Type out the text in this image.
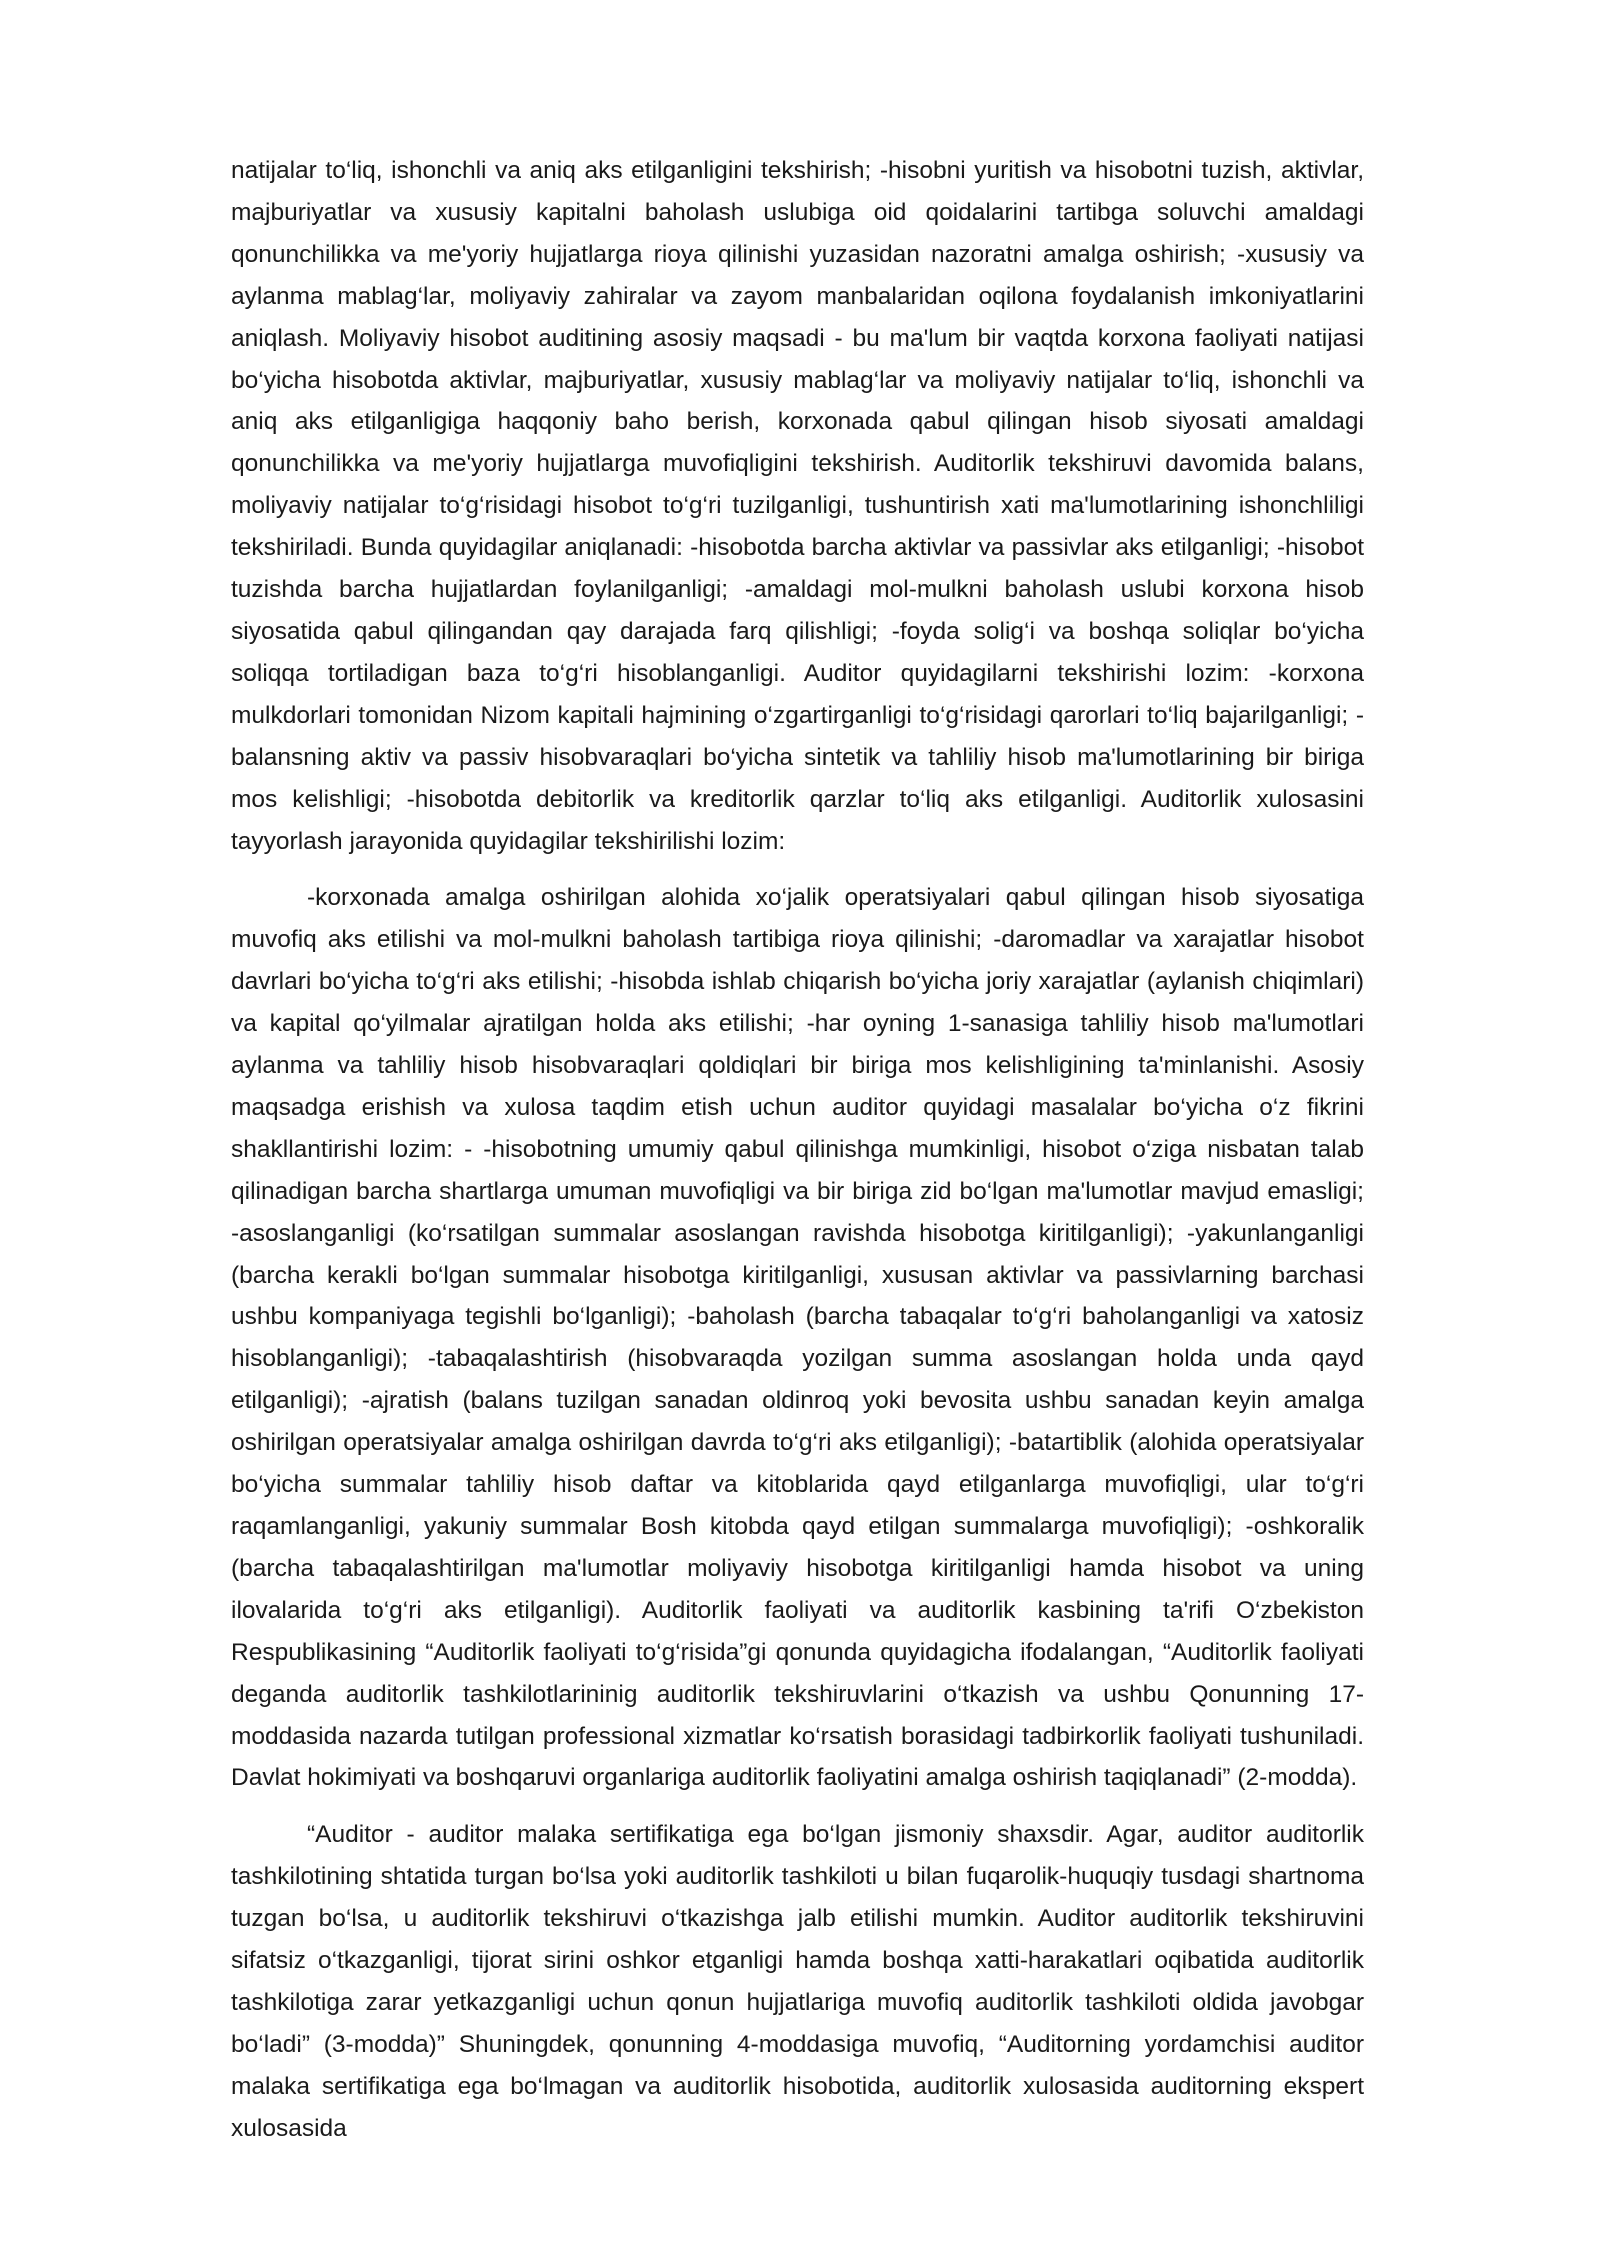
natijalar to‘liq, ishonchli va aniq aks etilganligini tekshirish; -hisobni yuritish va hisobotni tuzish, aktivlar, majburiyatlar va xususiy kapitalni baholash uslubiga oid qoidalarini tartibga soluvchi amaldagi qonunchilikka va me'yoriy hujjatlarga rioya qilinishi yuzasidan nazoratni amalga oshirish; -xususiy va aylanma mablag‘lar, moliyaviy zahiralar va zayom manbalaridan oqilona foydalanish imkoniyatlarini aniqlash. Moliyaviy hisobot auditining asosiy maqsadi - bu ma'lum bir vaqtda korxona faoliyati natijasi bo‘yicha hisobotda aktivlar, majburiyatlar, xususiy mablag‘lar va moliyaviy natijalar to‘liq, ishonchli va aniq aks etilganligiga haqqoniy baho berish, korxonada qabul qilingan hisob siyosati amaldagi qonunchilikka va me'yoriy hujjatlarga muvofiqligini tekshirish. Auditorlik tekshiruvi davomida balans, moliyaviy natijalar to‘g‘risidagi hisobot to‘g‘ri tuzilganligi, tushuntirish xati ma'lumotlarining ishonchliligi tekshiriladi. Bunda quyidagilar aniqlanadi: -hisobotda barcha aktivlar va passivlar aks etilganligi; -hisobot tuzishda barcha hujjatlardan foylanilganligi; -amaldagi mol-mulkni baholash uslubi korxona hisob siyosatida qabul qilingandan qay darajada farq qilishligi; -foyda solig‘i va boshqa soliqlar bo‘yicha soliqqa tortiladigan baza to‘g‘ri hisoblanganligi. Auditor quyidagilarni tekshirishi lozim: -korxona mulkdorlari tomonidan Nizom kapitali hajmining o‘zgartirganligi to‘g‘risidagi qarorlari to‘liq bajarilganligi; -balansning aktiv va passiv hisobvaraqlari bo‘yicha sintetik va tahliliy hisob ma'lumotlarining bir biriga mos kelishligi; -hisobotda debitorlik va kreditorlik qarzlar to‘liq aks etilganligi. Auditorlik xulosasini tayyorlash jarayonida quyidagilar tekshirilishi lozim:

-korxonada amalga oshirilgan alohida xo‘jalik operatsiyalari qabul qilingan hisob siyosatiga muvofiq aks etilishi va mol-mulkni baholash tartibiga rioya qilinishi; -daromadlar va xarajatlar hisobot davrlari bo‘yicha to‘g‘ri aks etilishi; -hisobda ishlab chiqarish bo‘yicha joriy xarajatlar (aylanish chiqimlari) va kapital qo‘yilmalar ajratilgan holda aks etilishi; -har oyning 1-sanasiga tahliliy hisob ma'lumotlari aylanma va tahliliy hisob hisobvaraqlari qoldiqlari bir biriga mos kelishligining ta'minlanishi. Asosiy maqsadga erishish va xulosa taqdim etish uchun auditor quyidagi masalalar bo‘yicha o‘z fikrini shakllantirishi lozim: - -hisobotning umumiy qabul qilinishga mumkinligi, hisobot o‘ziga nisbatan talab qilinadigan barcha shartlarga umuman muvofiqligi va bir biriga zid bo‘lgan ma'lumotlar mavjud emasligi; -asoslanganligi (ko‘rsatilgan summalar asoslangan ravishda hisobotga kiritilganligi); -yakunlanganligi (barcha kerakli bo‘lgan summalar hisobotga kiritilganligi, xususan aktivlar va passivlarning barchasi ushbu kompaniyaga tegishli bo‘lganligi); -baholash (barcha tabaqalar to‘g‘ri baholanganligi va xatosiz hisoblanganligi); -tabaqalashtirish (hisobvaraqda yozilgan summa asoslangan holda unda qayd etilganligi); -ajratish (balans tuzilgan sanadan oldinroq yoki bevosita ushbu sanadan keyin amalga oshirilgan operatsiyalar amalga oshirilgan davrda to‘g‘ri aks etilganligi); -batartiblik (alohida operatsiyalar bo‘yicha summalar tahliliy hisob daftar va kitoblarida qayd etilganlarga muvofiqligi, ular to‘g‘ri raqamlanganligi, yakuniy summalar Bosh kitobda qayd etilgan summalarga muvofiqligi); -oshkoralik (barcha tabaqalashtirilgan ma'lumotlar moliyaviy hisobotga kiritilganligi hamda hisobot va uning ilovalarida to‘g‘ri aks etilganligi). Auditorlik faoliyati va auditorlik kasbining ta'rifi O‘zbekiston Respublikasining “Auditorlik faoliyati to‘g‘risida”gi qonunda quyidagicha ifodalangan, “Auditorlik faoliyati deganda auditorlik tashkilotlarininig auditorlik tekshiruvlarini o‘tkazish va ushbu Qonunning 17-moddasida nazarda tutilgan professional xizmatlar ko‘rsatish borasidagi tadbirkorlik faoliyati tushuniladi. Davlat hokimiyati va boshqaruvi organlariga auditorlik faoliyatini amalga oshirish taqiqlanadi” (2-modda).

“Auditor - auditor malaka sertifikatiga ega bo‘lgan jismoniy shaxsdir. Agar, auditor auditorlik tashkilotining shtatida turgan bo‘lsa yoki auditorlik tashkiloti u bilan fuqarolik-huquqiy tusdagi shartnoma tuzgan bo‘lsa, u auditorlik tekshiruvi o‘tkazishga jalb etilishi mumkin. Auditor auditorlik tekshiruvini sifatsiz o‘tkazganligi, tijorat sirini oshkor etganligi hamda boshqa xatti-harakatlari oqibatida auditorlik tashkilotiga zarar yetkazganligi uchun qonun hujjatlariga muvofiq auditorlik tashkiloti oldida javobgar bo‘ladi” (3-modda)” Shuningdek, qonunning 4-moddasiga muvofiq, “Auditorning yordamchisi auditor malaka sertifikatiga ega bo‘lmagan va auditorlik hisobotida, auditorlik xulosasida auditorning ekspert xulosasida
